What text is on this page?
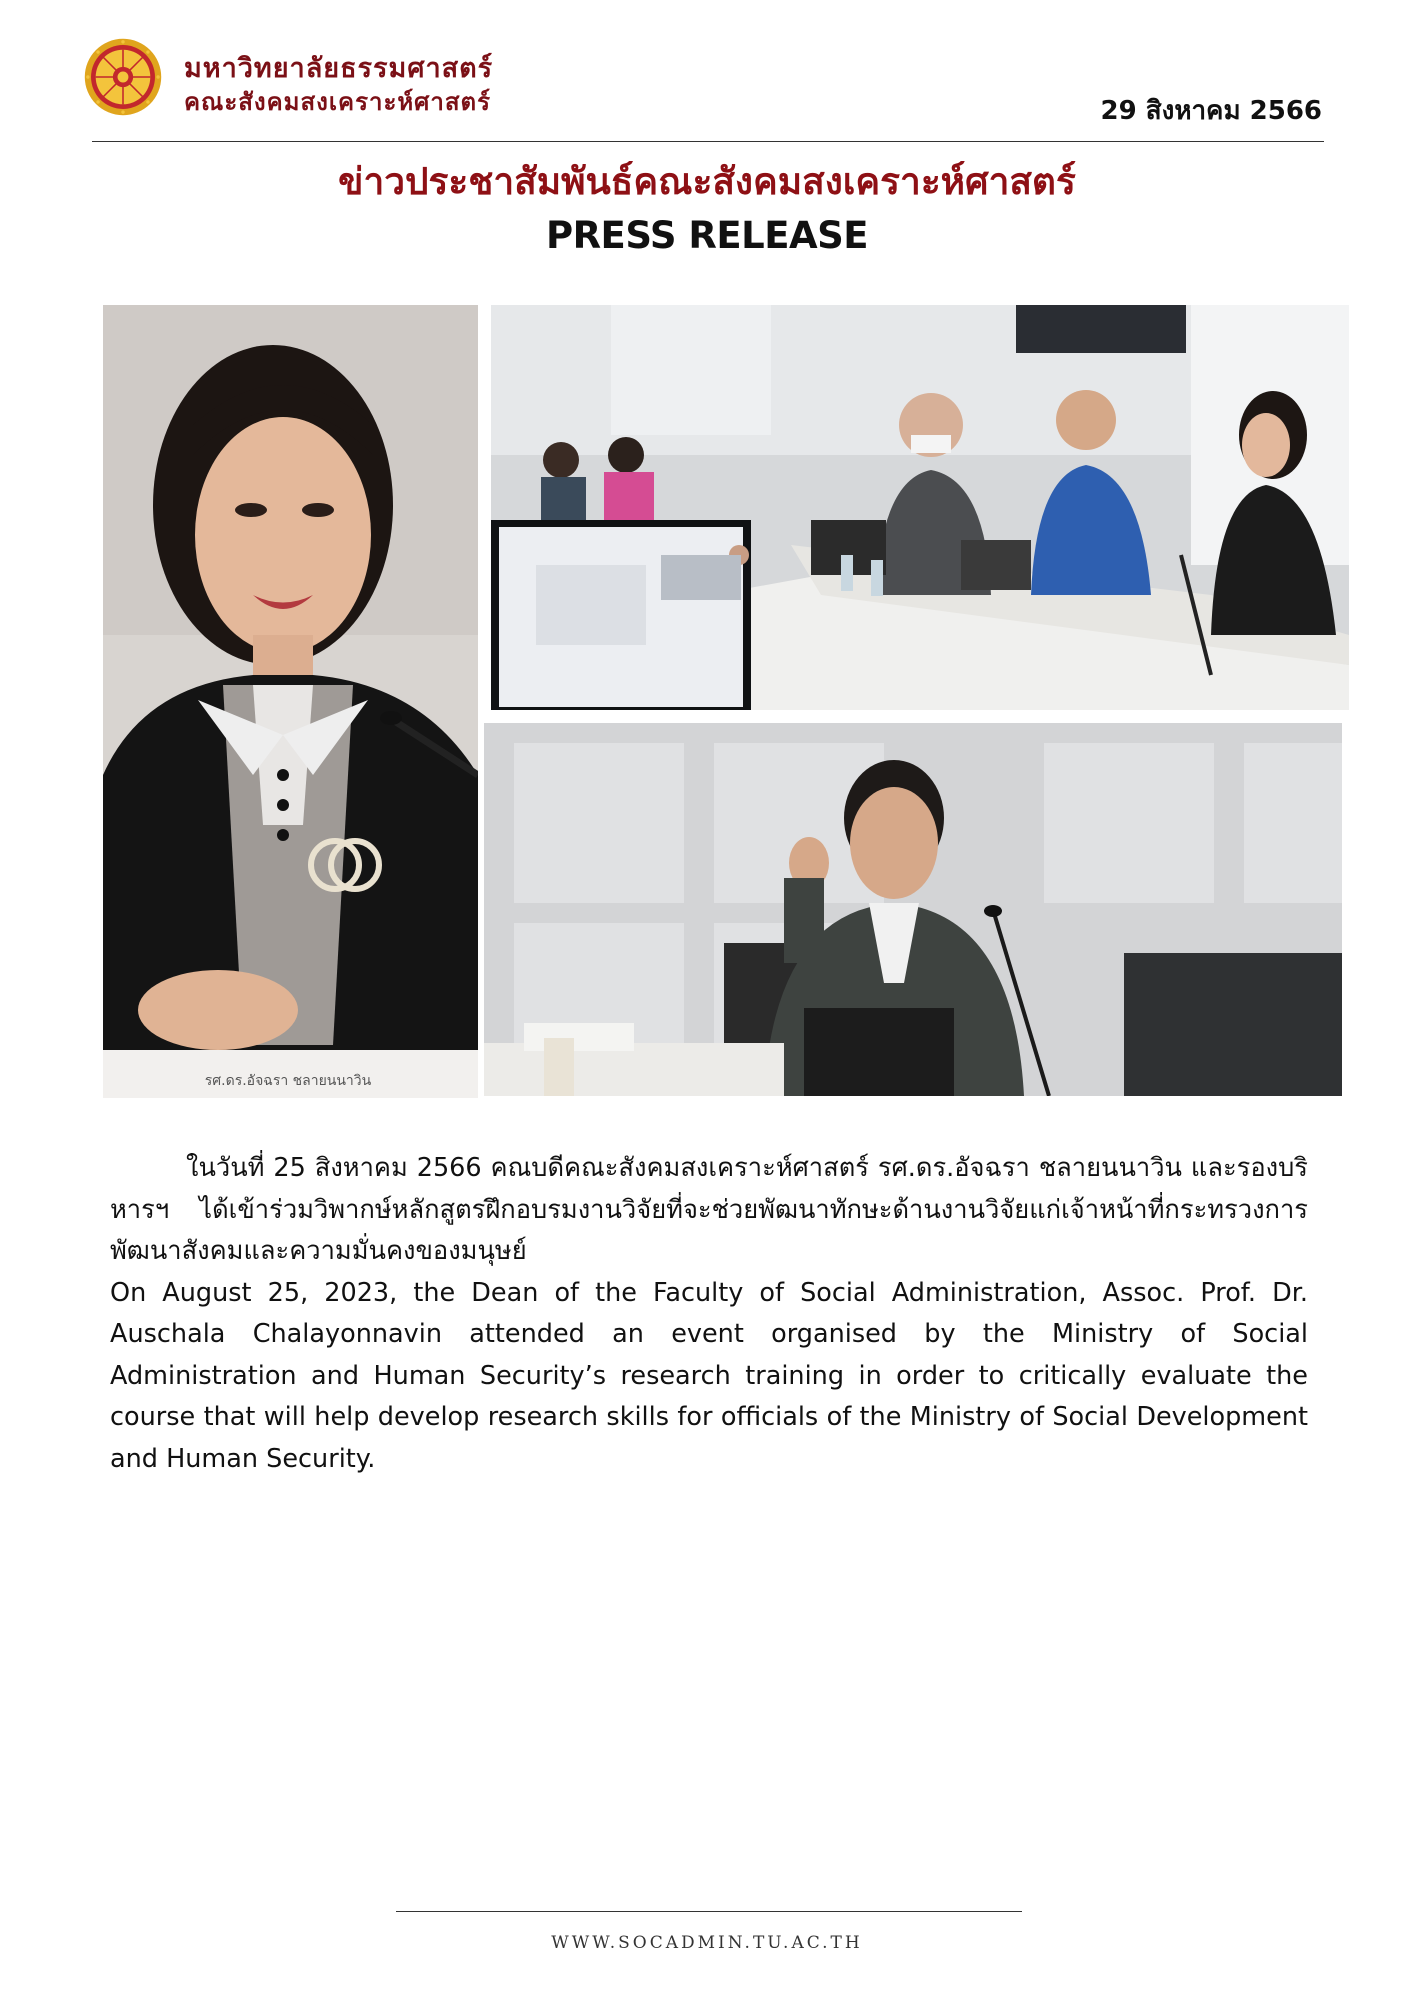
มหาวิทยาลัยธรรมศาสตร์
คณะสังคมสงเคราะห์ศาสตร์	29 สิงหาคม 2566
ข่าวประชาสัมพันธ์คณะสังคมสงเคราะห์ศาสตร์
PRESS RELEASE
รศ.ดร.อัจฉรา ชลายนนาวิน

ในวันที่ 25 สิงหาคม 2566 คณบดีคณะสังคมสงเคราะห์ศาสตร์ รศ.ดร.อัจฉรา ชลายนนาวิน และรองบริหารฯ ได้เข้าร่วมวิพากษ์หลักสูตรฝึกอบรมงานวิจัยที่จะช่วยพัฒนาทักษะด้านงานวิจัยแก่เจ้าหน้าที่กระทรวงการพัฒนาสังคมและความมั่นคงของมนุษย์
On August 25, 2023, the Dean of the Faculty of Social Administration, Assoc. Prof. Dr. Auschala Chalayonnavin attended an event organised by the Ministry of Social Administration and Human Security’s research training in order to critically evaluate the course that will help develop research skills for officials of the Ministry of Social Development and Human Security.

WWW.SOCADMIN.TU.AC.TH
